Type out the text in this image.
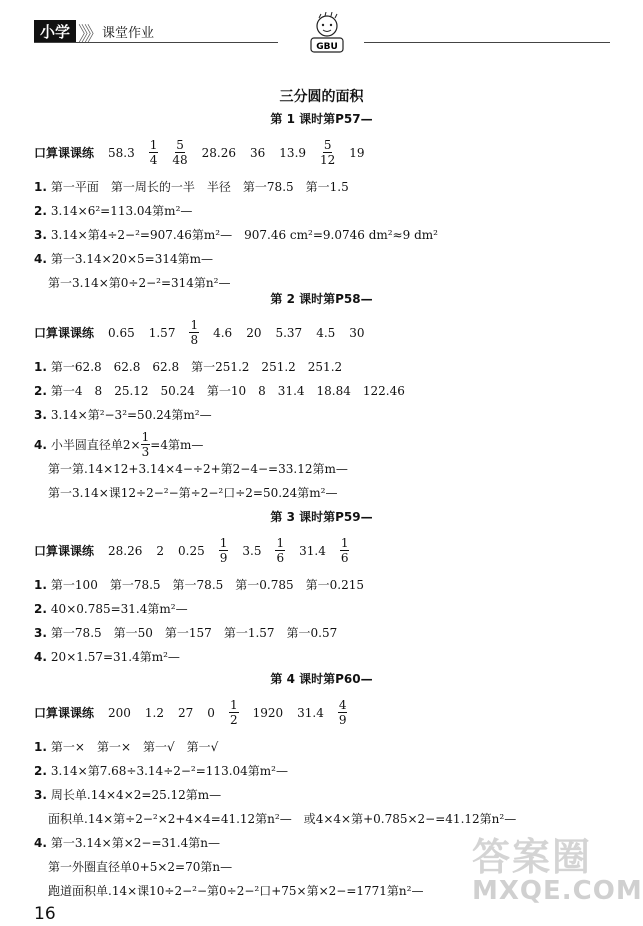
小学 》》 课堂作业
GBU
三分圆的面积
第 1 课时第P57—
口算课课练 $58.3 \frac{1}{4} \frac{5}{48} 28.26$ 36 $13.9 \frac{5}{12} 19$
1. 第一平面　第一周长的一半　半径　第一78.5　第一1.5
2. 3.14×6²=113.04第m²—
3. 3.14×第4÷2−²=907.46第m²—　907.46 cm²=9.0746 dm²≈9 dm²
4. 第一3.14×20×5=314第m—
第一3.14×第0÷2−²=314第n²—
第 2 课时第P58—
口算课课练 0.65 $1.57 \frac{1}{8} 4.6$ 20 5.37 4.5 30
1. 第一62.8　62.8　62.8　第一251.2　251.2　251.2
2. 第一4　8　25.12　50.24　第一10　8　31.4　18.84　122.46
3. 3.14×第²−3²=50.24第m²—
4. 小半圆直径单$2\times \frac{1}{3} =4$第m—
第一第.14×12+3.14×4−÷2+第2−4−=33.12第m—
第一3.14×课12÷2−²−第÷2−²口÷2=50.24第m²—
第 3 课时第P59—
口算课课练 28.26 2 $0.25 \frac{1}{9} 3.5 \frac{1}{6} 31.4 \frac{1}{6}$
1. 第一100　第一78.5　第一78.5　第一0.785　第一0.215
2. 40×0.785=31.4第m²—
3. 第一78.5　第一50　第一157　第一1.57　第一0.57
4. 20×1.57=31.4第m²—
第 4 课时第P60—
口算课课练 200 1.2 27 $0 \frac{1}{2} 1920$ $31.4 \frac{4}{9}$
1. 第一×　第一×　第一√　第一√
2. 3.14×第7.68÷3.14÷2−²=113.04第m²—
3. 周长单.14×4×2=25.12第m—
面积单.14×第÷2−²×2+4×4=41.12第n²—　或4×4×第+0.785×2−=41.12第n²—
4. 第一3.14×第×2−=31.4第n—
第一外圈直径单0+5×2=70第n—
跑道面积单.14×课10÷2−²−第0÷2−²口+75×第×2−=1771第n²—
16
答案圈
MXQE.COM
